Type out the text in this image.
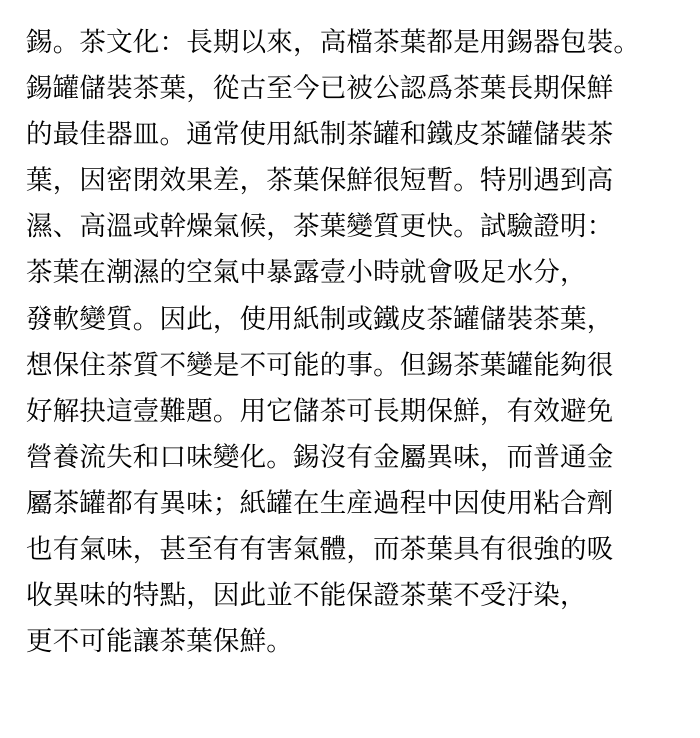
錫。茶文化：長期以來，高檔茶葉都是用錫器包裝。
錫罐儲裝茶葉，從古至今已被公認爲茶葉長期保鮮
的最佳器皿。通常使用紙制茶罐和鐵皮茶罐儲裝茶
葉，因密閉效果差，茶葉保鮮很短暫。特別遇到高
濕、高溫或幹燥氣候，茶葉變質更快。試驗證明：
茶葉在潮濕的空氣中暴露壹小時就會吸足水分，
發軟變質。因此，使用紙制或鐵皮茶罐儲裝茶葉，
想保住茶質不變是不可能的事。但錫茶葉罐能夠很
好解抉這壹難題。用它儲茶可長期保鮮，有效避免
營養流失和口味變化。錫沒有金屬異味，而普通金
屬茶罐都有異味；紙罐在生産過程中因使用粘合劑
也有氣味，甚至有有害氣體，而茶葉具有很強的吸
收異味的特點，因此並不能保證茶葉不受汙染，
更不可能讓茶葉保鮮。
